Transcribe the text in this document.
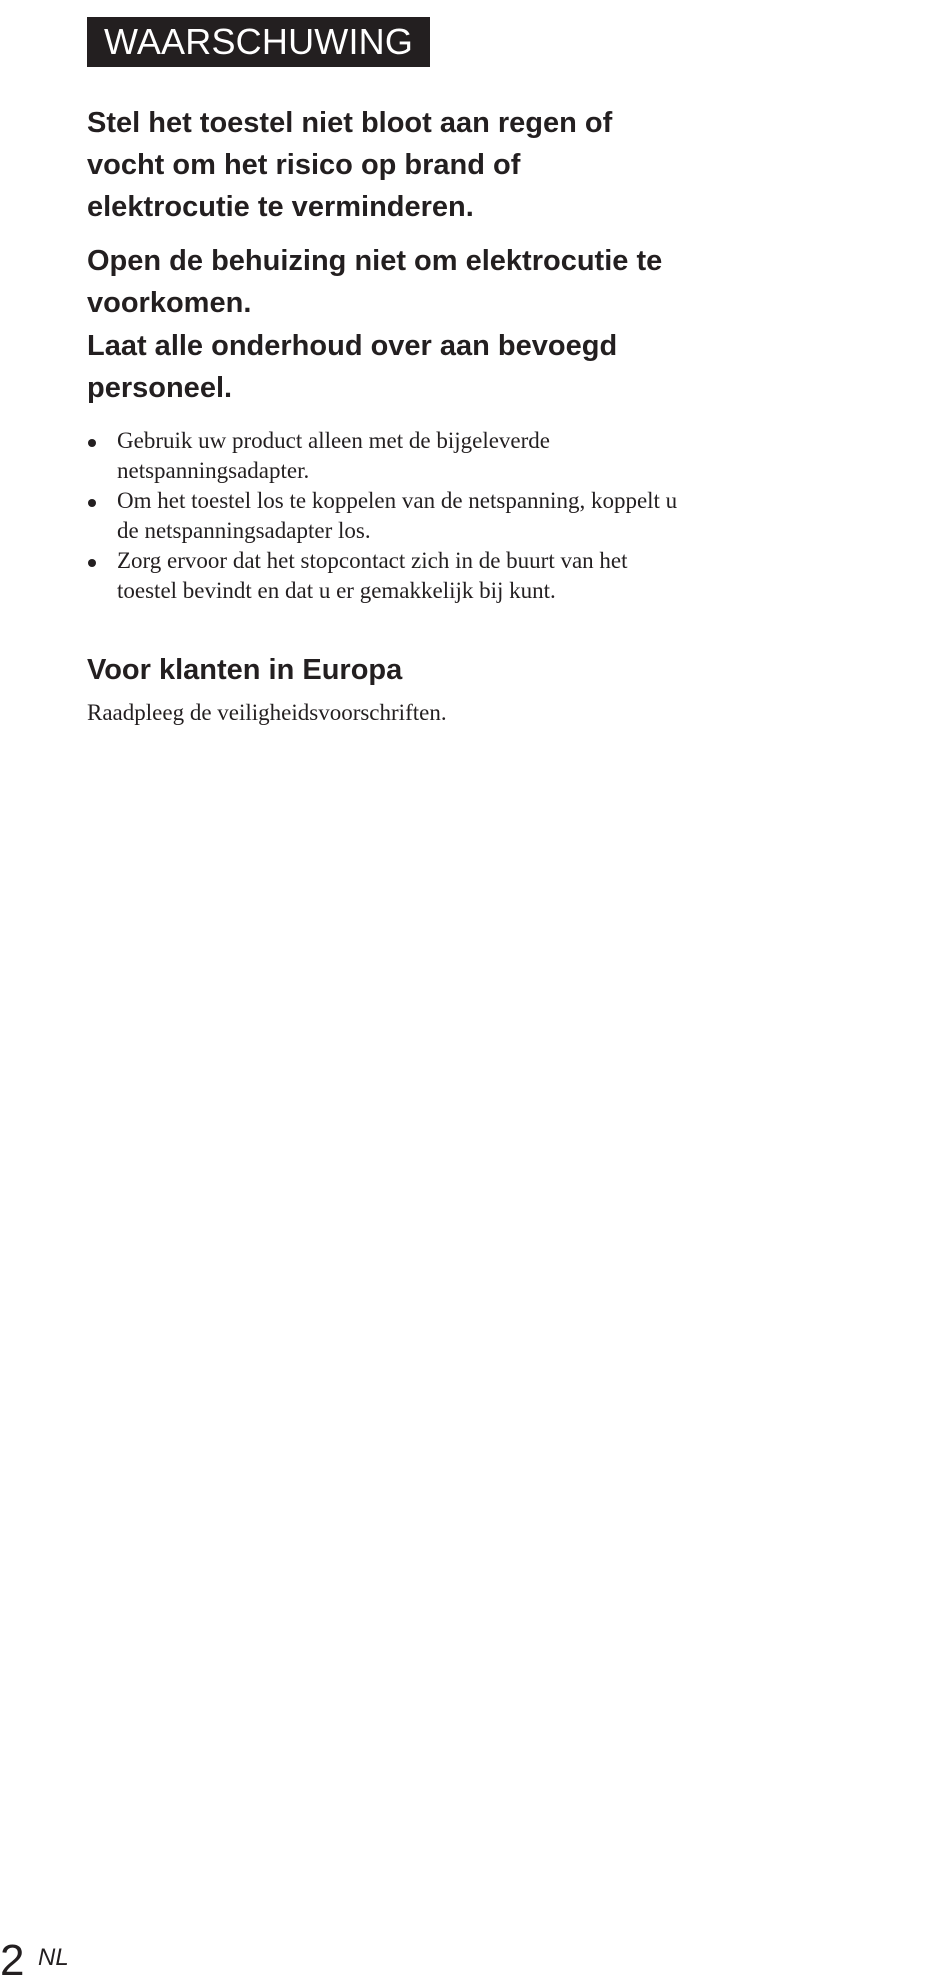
WAARSCHUWING

Stel het toestel niet bloot aan regen of vocht om het risico op brand of elektrocutie te verminderen.

Open de behuizing niet om elektrocutie te voorkomen.

Laat alle onderhoud over aan bevoegd personeel.

Gebruik uw product alleen met de bijgeleverde netspanningsadapter.
Om het toestel los te koppelen van de netspanning, koppelt u de netspanningsadapter los.
Zorg ervoor dat het stopcontact zich in de buurt van het toestel bevindt en dat u er gemakkelijk bij kunt.
Voor klanten in Europa

Raadpleeg de veiligheidsvoorschriften.

2 NL
